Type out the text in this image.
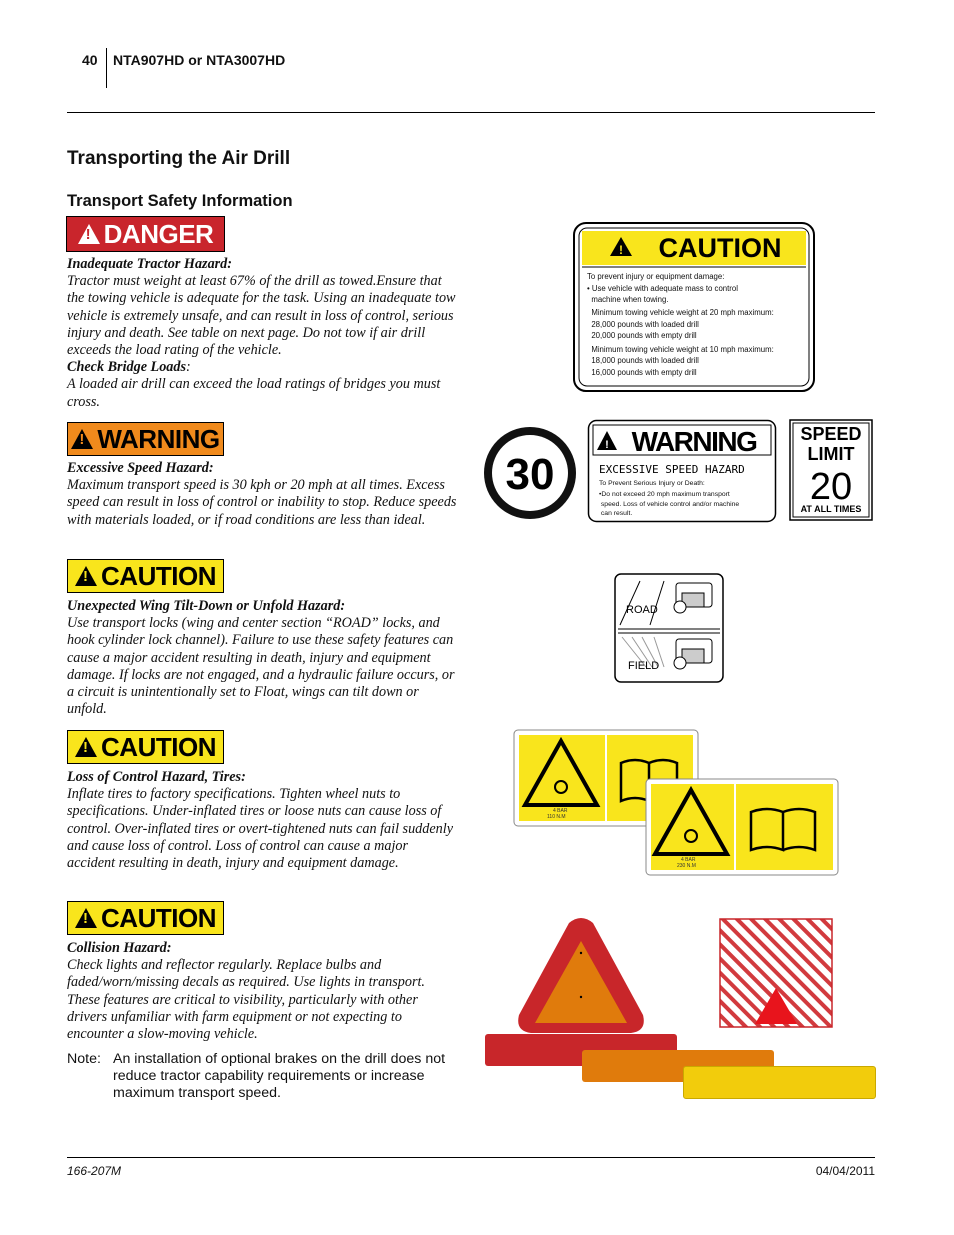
40 NTA907HD or NTA3007HD
Transporting the Air Drill
Transport Safety Information
!
DANGER
Inadequate Tractor Hazard:
Tractor must weight at least 67% of the drill as towed.Ensure that the towing vehicle is adequate for the task. Using an inadequate tow vehicle is extremely unsafe, and can result in loss of control, serious injury and death. See table on next page. Do not tow if air drill exceeds the load rating of the vehicle.
Check Bridge Loads:
A loaded air drill can exceed the load ratings of bridges you must cross.
!
WARNING
Excessive Speed Hazard:
Maximum transport speed is 30 kph or 20 mph at all times. Excess speed can result in loss of control or inability to stop. Reduce speeds with materials loaded, or if road conditions are less than ideal.
!
CAUTION
Unexpected Wing Tilt-Down or Unfold Hazard:
Use transport locks (wing and center section “ROAD” locks, and hook cylinder lock channel). Failure to use these safety features can cause a major accident resulting in death, injury and equipment damage. If locks are not engaged, and a hydraulic failure occurs, or a circuit is unintentionally set to Float, wings can tilt down or unfold.
!
CAUTION
Loss of Control Hazard, Tires:
Inflate tires to factory specifications. Tighten wheel nuts to specifications. Under-inflated tires or loose nuts can cause loss of control. Over-inflated tires or overt-tightened nuts can fail suddenly and cause loss of control. Loss of control can cause a major accident resulting in death, injury and equipment damage.
!
CAUTION
Collision Hazard:
Check lights and reflector regularly. Replace bulbs and faded/worn/missing decals as required. Use lights in transport. These features are critical to visibility, particularly with other drivers unfamiliar with farm equipment or not expecting to encounter a slow-moving vehicle.
Note: An installation of optional brakes on the drill does not reduce tractor capability requirements or increase maximum transport speed.
! CAUTION
To prevent injury or equipment damage:
• Use vehicle with adequate mass to control
machine when towing.
Minimum towing vehicle weight at 20 mph maximum:
28,000 pounds with loaded drill
20,000 pounds with empty drill
Minimum towing vehicle weight at 10 mph maximum:
18,000 pounds with loaded drill
16,000 pounds with empty drill
30
! WARNING
EXCESSIVE SPEED HAZARD
To Prevent Serious Injury or Death:
•Do not exceed 20 mph maximum transport
speed. Loss of vehicle control and/or machine
can result.
SPEED
LIMIT
20
AT ALL TIMES
ROAD
FIELD
4 BAR
110 N.M
4 BAR
230 N.M
166-207M	04/04/2011
